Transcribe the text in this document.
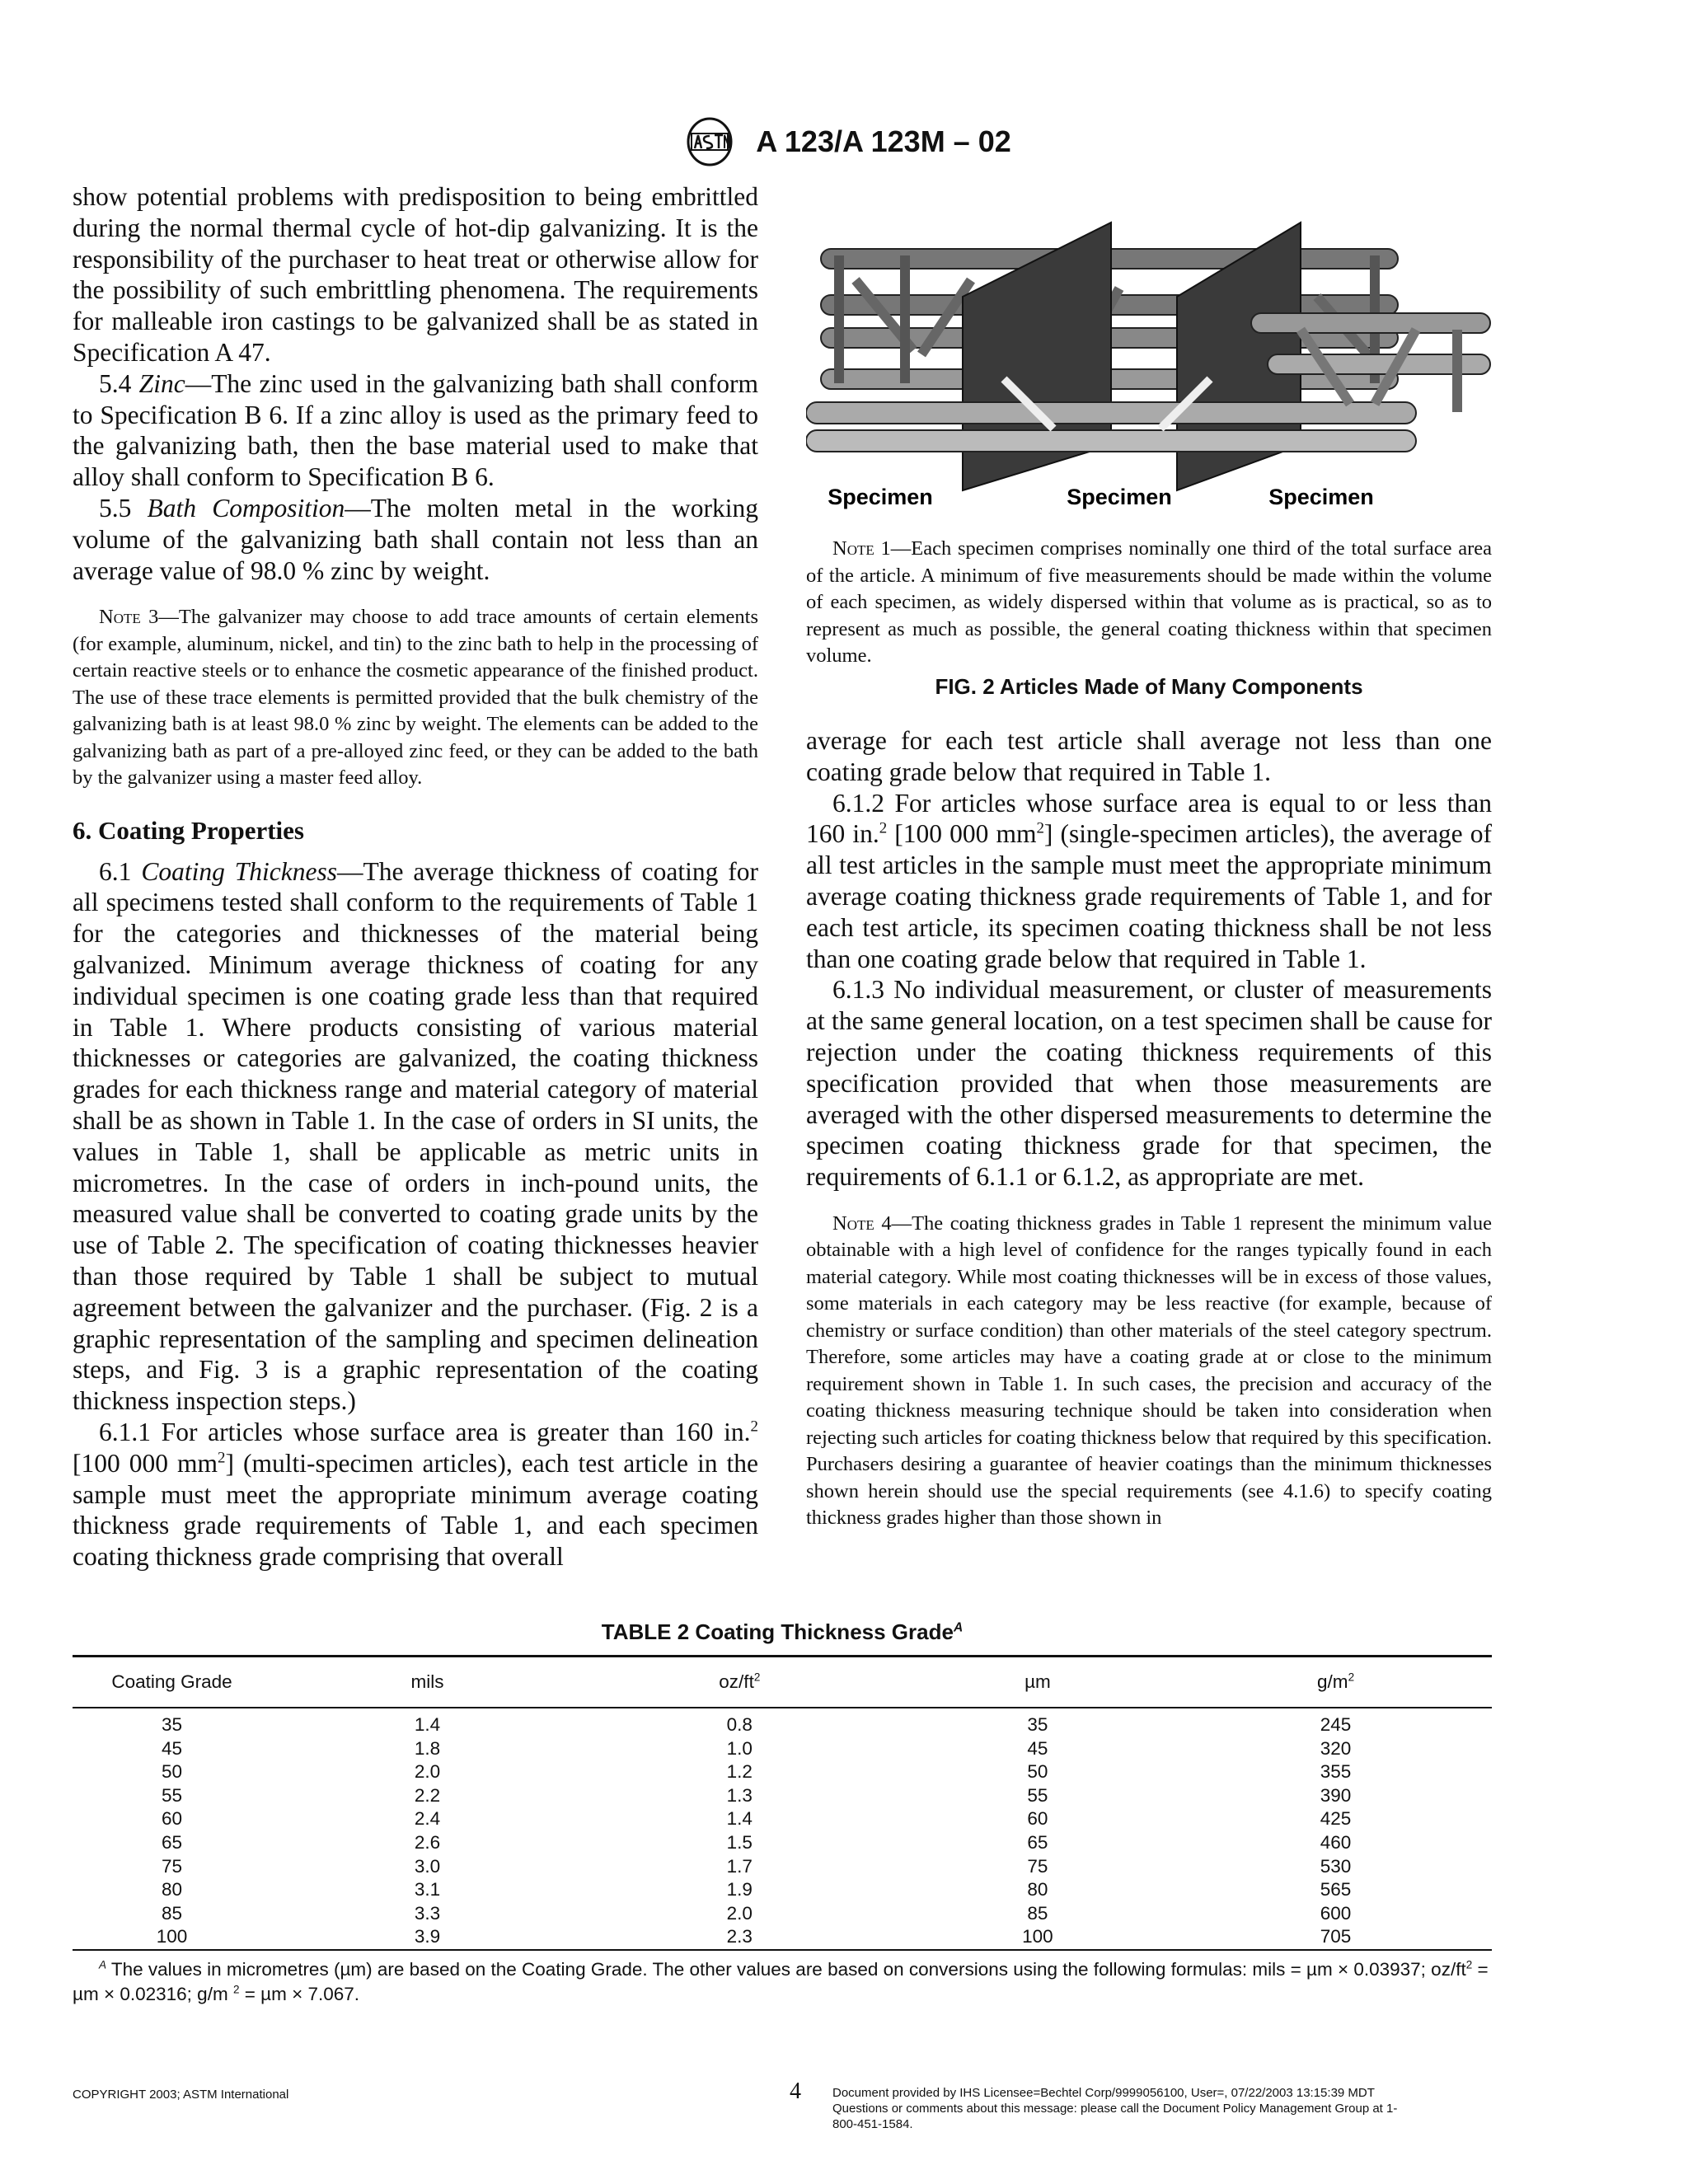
A 123/A 123M – 02

show potential problems with predisposition to being embrittled during the normal thermal cycle of hot-dip galvanizing. It is the responsibility of the purchaser to heat treat or otherwise allow for the possibility of such embrittling phenomena. The requirements for malleable iron castings to be galvanized shall be as stated in Specification A 47.

5.4 Zinc—The zinc used in the galvanizing bath shall conform to Specification B 6. If a zinc alloy is used as the primary feed to the galvanizing bath, then the base material used to make that alloy shall conform to Specification B 6.

5.5 Bath Composition—The molten metal in the working volume of the galvanizing bath shall contain not less than an average value of 98.0 % zinc by weight.

Note 3—The galvanizer may choose to add trace amounts of certain elements (for example, aluminum, nickel, and tin) to the zinc bath to help in the processing of certain reactive steels or to enhance the cosmetic appearance of the finished product. The use of these trace elements is permitted provided that the bulk chemistry of the galvanizing bath is at least 98.0 % zinc by weight. The elements can be added to the galvanizing bath as part of a pre-alloyed zinc feed, or they can be added to the bath by the galvanizer using a master feed alloy.

6. Coating Properties

6.1 Coating Thickness—The average thickness of coating for all specimens tested shall conform to the requirements of Table 1 for the categories and thicknesses of the material being galvanized. Minimum average thickness of coating for any individual specimen is one coating grade less than that required in Table 1. Where products consisting of various material thicknesses or categories are galvanized, the coating thickness grades for each thickness range and material category of material shall be as shown in Table 1. In the case of orders in SI units, the values in Table 1, shall be applicable as metric units in micrometres. In the case of orders in inch-pound units, the measured value shall be converted to coating grade units by the use of Table 2. The specification of coating thicknesses heavier than those required by Table 1 shall be subject to mutual agreement between the galvanizer and the purchaser. (Fig. 2 is a graphic representation of the sampling and specimen delineation steps, and Fig. 3 is a graphic representation of the coating thickness inspection steps.)

6.1.1 For articles whose surface area is greater than 160 in.$^2$ [100 000 $mm^2$] (multi-specimen articles), each test article in the sample must meet the appropriate minimum average coating thickness grade requirements of Table 1, and each specimen coating thickness grade comprising that overall

Specimen	Specimen	Specimen

Note 1—Each specimen comprises nominally one third of the total surface area of the article. A minimum of five measurements should be made within the volume of each specimen, as widely dispersed within that volume as is practical, so as to represent as much as possible, the general coating thickness within that specimen volume.

FIG. 2 Articles Made of Many Components

average for each test article shall average not less than one coating grade below that required in Table 1.

6.1.2 For articles whose surface area is equal to or less than 160 in.$^2$ [100 000 $mm^2$] (single-specimen articles), the average of all test articles in the sample must meet the appropriate minimum average coating thickness grade requirements of Table 1, and for each test article, its specimen coating thickness shall be not less than one coating grade below that required in Table 1.

6.1.3 No individual measurement, or cluster of measurements at the same general location, on a test specimen shall be cause for rejection under the coating thickness requirements of this specification provided that when those measurements are averaged with the other dispersed measurements to determine the specimen coating thickness grade for that specimen, the requirements of 6.1.1 or 6.1.2, as appropriate are met.

Note 4—The coating thickness grades in Table 1 represent the minimum value obtainable with a high level of confidence for the ranges typically found in each material category. While most coating thicknesses will be in excess of those values, some materials in each category may be less reactive (for example, because of chemistry or surface condition) than other materials of the steel category spectrum. Therefore, some articles may have a coating grade at or close to the minimum requirement shown in Table 1. In such cases, the precision and accuracy of the coating thickness measuring technique should be taken into consideration when rejecting such articles for coating thickness below that required by this specification. Purchasers desiring a guarantee of heavier coatings than the minimum thicknesses shown herein should use the special requirements (see 4.1.6) to specify coating thickness grades higher than those shown in

TABLE 2 Coating Thickness Grade$^A$
Coating Grade	mils	$oz/ft^2$	µm	$g/m^2$
35	1.4	0.8	35	245
45	1.8	1.0	45	320
50	2.0	1.2	50	355
55	2.2	1.3	55	390
60	2.4	1.4	60	425
65	2.6	1.5	65	460
75	3.0	1.7	75	530
80	3.1	1.9	80	565
85	3.3	2.0	85	600
100	3.9	2.3	100	705
$^A$ The values in micrometres (µm) are based on the Coating Grade. The other values are based on conversions using the following formulas: mils = µm × 0.03937; $oz/ft^2 = \mu m \times 0.02316$; g/m $^2$ = µm × 7.067.
COPYRIGHT 2003; ASTM International	4	Document provided by IHS Licensee=Bechtel Corp/9999056100, User=, 07/22/2003 13:15:39 MDT Questions or comments about this message: please call the Document Policy Management Group at 1-800-451-1584.
